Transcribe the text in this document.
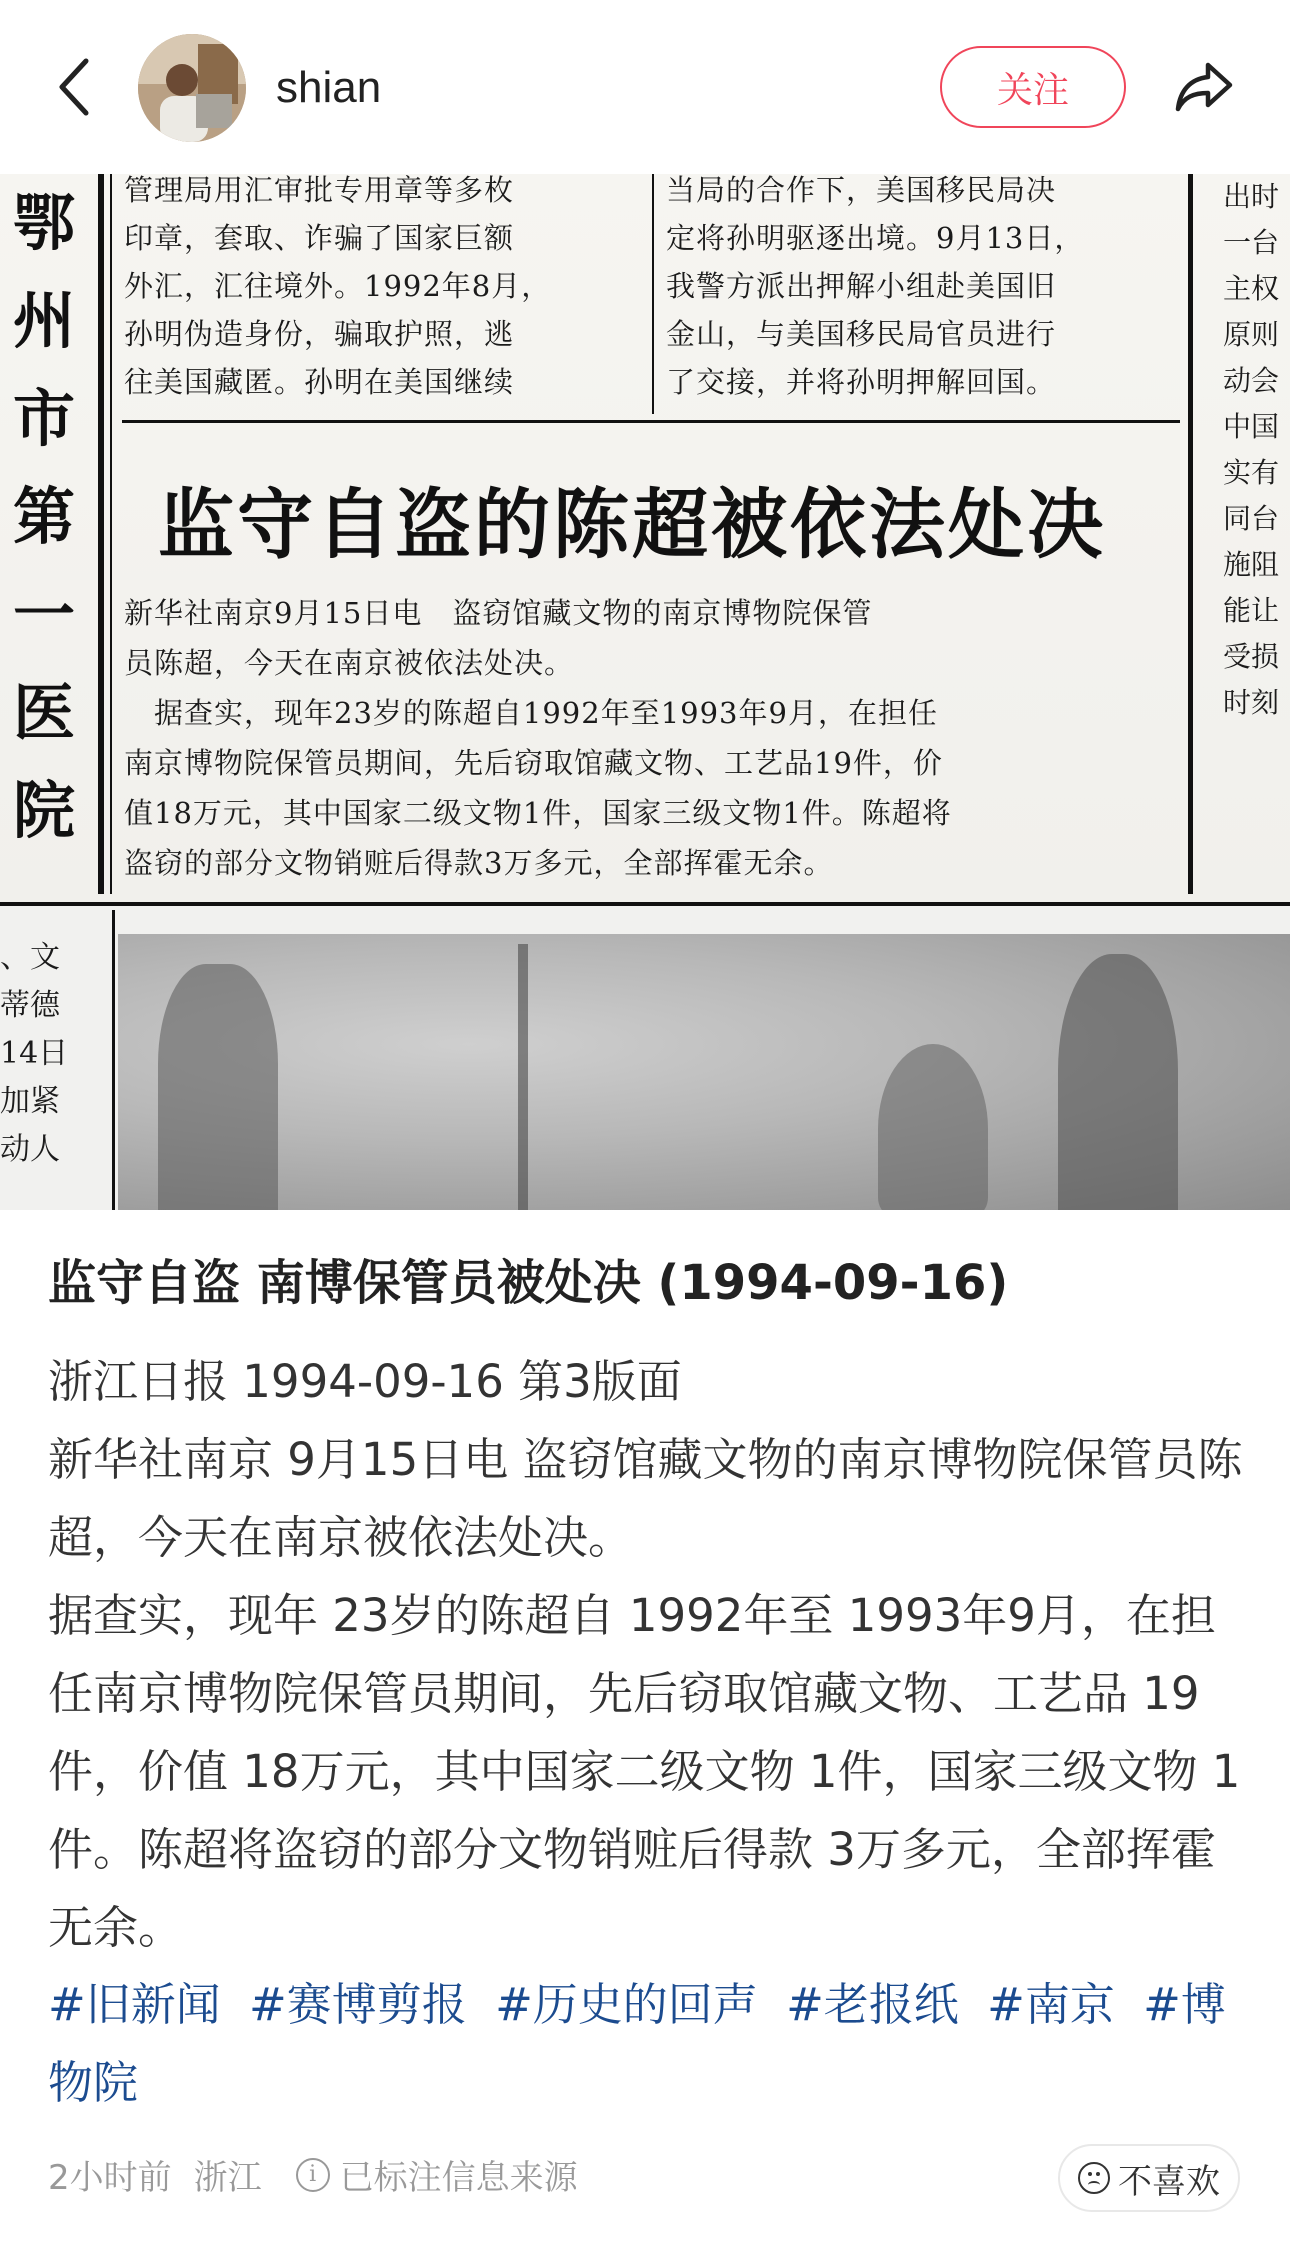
shian	关注
鄂
州
市
第
一
医
院
管理局用汇审批专用章等多枚
印章，套取、诈骗了国家巨额
外汇，汇往境外。1992年8月，
孙明伪造身份，骗取护照，逃
往美国藏匿。孙明在美国继续
当局的合作下，美国移民局决
定将孙明驱逐出境。9月13日，
我警方派出押解小组赴美国旧
金山，与美国移民局官员进行
了交接，并将孙明押解回国。
监守自盗的陈超被依法处决
新华社南京9月15日电　盗窃馆藏文物的南京博物院保管
员陈超，今天在南京被依法处决。
　据查实，现年23岁的陈超自1992年至1993年9月，在担任
南京博物院保管员期间，先后窃取馆藏文物、工艺品19件，价
值18万元，其中国家二级文物1件，国家三级文物1件。陈超将
盗窃的部分文物销赃后得款3万多元，全部挥霍无余。
出时
一台
主权
原则
动会
中国
实有
同台
施阻
能让
受损
时刻
、文
蒂德
14日
加紧
动人
监守自盗 南博保管员被处决 (1994-09-16)

浙江日报 1994-09-16 第3版面

新华社南京 9月15日电 盗窃馆藏文物的南京博物院保管员陈超，今天在南京被依法处决。

据查实，现年 23岁的陈超自 1992年至 1993年9月，在担任南京博物院保管员期间，先后窃取馆藏文物、工艺品 19件，价值 18万元，其中国家二级文物 1件，国家三级文物 1件。陈超将盗窃的部分文物销赃后得款 3万多元，全部挥霍无余。

#旧新闻 #赛博剪报 #历史的回声 #老报纸 #南京 #博物院
2小时前 浙江	i 已标注信息来源	不喜欢
